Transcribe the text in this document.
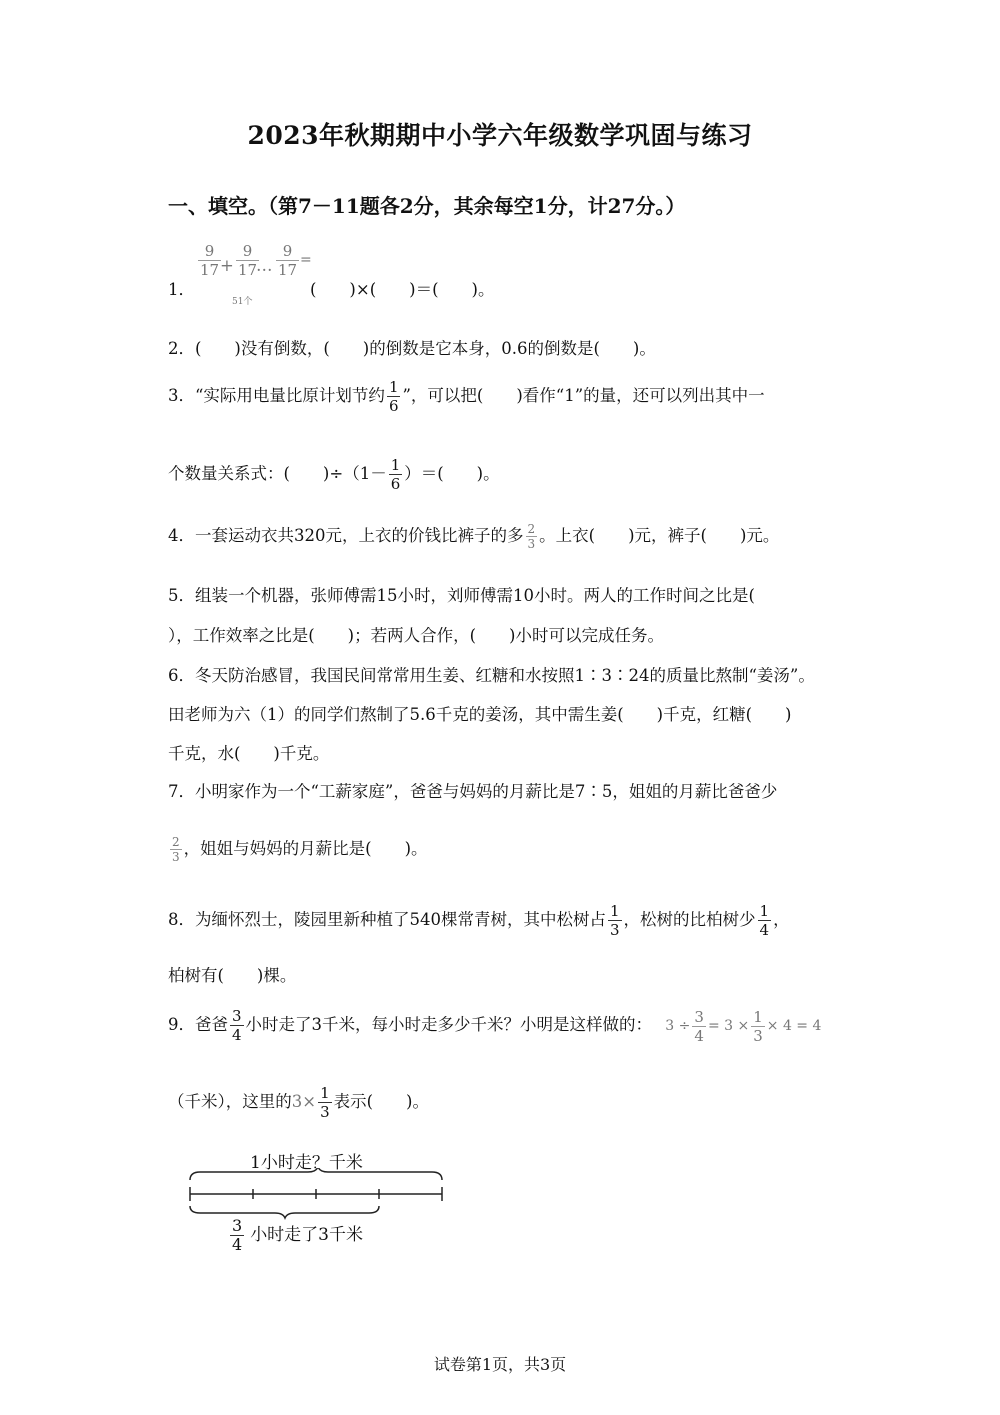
2023年秋期期中小学六年级数学巩固与练习
一、填空。（第7－11题各2分，其余每空1分，计27分。）
1．
$\frac{9}{17}$
+ $\frac{9}{17}$
… $\frac{9}{17}$ =
51个
(　　)×(　　)＝(　　)。
2．(　　)没有倒数，(　　)的倒数是它本身，0.6的倒数是(　　)。
3．“实际用电量比原计划节约 $\frac{1}{6}$ ”，可以把(　　)看作“1”的量，还可以列出其中一
个数量关系式：(　　)$\div(1- \frac{1}{6}$ ）＝(　　)。
4．一套运动衣共320元，上衣的价钱比裤子的多 $\frac{2}{3}$ 。上衣(　　)元，裤子(　　)元。
5．组装一个机器，张师傅需15小时，刘师傅需10小时。两人的工作时间之比是(
），工作效率之比是(　　)；若两人合作，(　　)小时可以完成任务。
6．冬天防治感冒，我国民间常常用生姜、红糖和水按照1∶3∶24的质量比熬制“姜汤”。
田老师为六（1）的同学们熬制了5.6千克的姜汤，其中需生姜(　　)千克，红糖(　　)
千克，水(　　)千克。
7．小明家作为一个“工薪家庭”，爸爸与妈妈的月薪比是7∶5，姐姐的月薪比爸爸少
$\frac{2}{3}$ ，姐姐与妈妈的月薪比是(　　)。
8．为缅怀烈士，陵园里新种植了540棵常青树，其中松树占 $\frac{1}{3}$ ，松树的比柏树少 $\frac{1}{4}$ ，
柏树有(　　)棵。
9．爸爸 $\frac{3}{4}$ 小时走了3千米，每小时走多少千米？小明是这样做的： $3 \div \frac{3}{4} = 3 \times \frac{1}{3} \times 4 = 4$
（千米），这里的$3\times \frac{1}{3}$ 表示(　　)。
1小时走？千米
$\frac{3}{4}$ 小时走了3千米
试卷第1页，共3页
